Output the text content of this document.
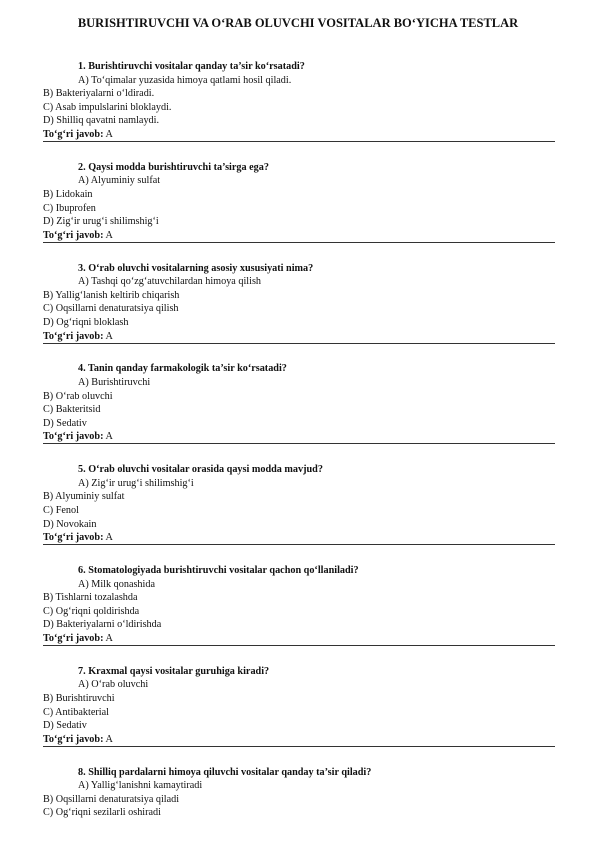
BURISHTIRUVCHI VA O‘RAB OLUVCHI VOSITALAR BO‘YICHA TESTLAR
1. Burishtiruvchi vositalar qanday ta’sir ko‘rsatadi?
A) To‘qimalar yuzasida himoya qatlami hosil qiladi.
B) Bakteriyalarni o‘ldiradi.
C) Asab impulslarini bloklaydi.
D) Shilliq qavatni namlaydi.
To‘g‘ri javob: A
2. Qaysi modda burishtiruvchi ta’sirga ega?
A) Alyuminiy sulfat
B) Lidokain
C) Ibuprofen
D) Zig‘ir urug‘i shilimshig‘i
To‘g‘ri javob: A
3. O‘rab oluvchi vositalarning asosiy xususiyati nima?
A) Tashqi qo‘zg‘atuvchilardan himoya qilish
B) Yallig‘lanish keltirib chiqarish
C) Oqsillarni denaturatsiya qilish
D) Og‘riqni bloklash
To‘g‘ri javob: A
4. Tanin qanday farmakologik ta’sir ko‘rsatadi?
A) Burishtiruvchi
B) O‘rab oluvchi
C) Bakteritsid
D) Sedativ
To‘g‘ri javob: A
5. O‘rab oluvchi vositalar orasida qaysi modda mavjud?
A) Zig‘ir urug‘i shilimshig‘i
B) Alyuminiy sulfat
C) Fenol
D) Novokain
To‘g‘ri javob: A
6. Stomatologiyada burishtiruvchi vositalar qachon qo‘llaniladi?
A) Milk qonashida
B) Tishlarni tozalashda
C) Og‘riqni qoldirishda
D) Bakteriyalarni o‘ldirishda
To‘g‘ri javob: A
7. Kraxmal qaysi vositalar guruhiga kiradi?
A) O‘rab oluvchi
B) Burishtiruvchi
C) Antibakterial
D) Sedativ
To‘g‘ri javob: A
8. Shilliq pardalarni himoya qiluvchi vositalar qanday ta’sir qiladi?
A) Yallig‘lanishni kamaytiradi
B) Oqsillarni denaturatsiya qiladi
C) Og‘riqni sezilarli oshiradi
